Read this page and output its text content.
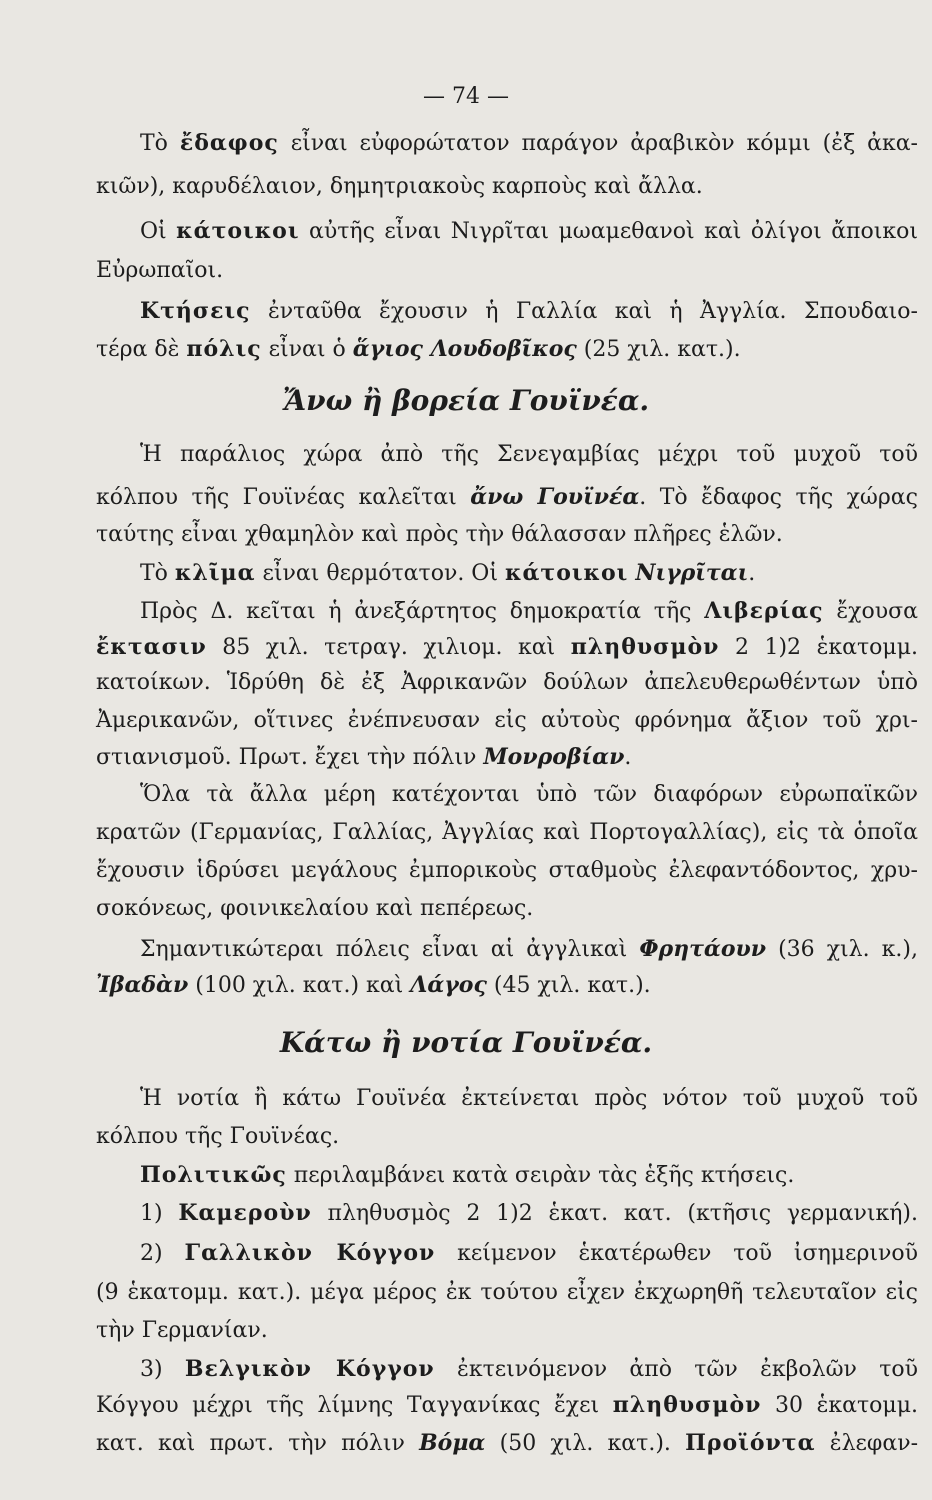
— 74 —
Τὸ ἔδαφος εἶναι εὐφορώτατον παράγον ἀραβικὸν κόμμι (ἐξ ἀκα-
κιῶν), καρυδέλαιον, δημητριακοὺς καρποὺς καὶ ἄλλα.
Οἱ κάτοικοι αὐτῆς εἶναι Νιγρῖται μωαμεθανοὶ καὶ ὀλίγοι ἄποικοι
Εὐρωπαῖοι.
Κτήσεις ἐνταῦθα ἔχουσιν ἡ Γαλλία καὶ ἡ Ἀγγλία. Σπουδαιο-
τέρα δὲ πόλις εἶναι ὁ ἅγιος Λουδοβῖκος (25 χιλ. κατ.).
Ἄνω ἢ βορεία Γουϊνέα.
Ἡ παράλιος χώρα ἀπὸ τῆς Σενεγαμβίας μέχρι τοῦ μυχοῦ τοῦ
κόλπου τῆς Γουϊνέας καλεῖται ἄνω Γουϊνέα. Τὸ ἔδαφος τῆς χώρας
ταύτης εἶναι χθαμηλὸν καὶ πρὸς τὴν θάλασσαν πλῆρες ἑλῶν.
Τὸ κλῖμα εἶναι θερμότατον. Οἱ κάτοικοι Νιγρῖται.
Πρὸς Δ. κεῖται ἡ ἀνεξάρτητος δημοκρατία τῆς Λιβερίας ἔχουσα
ἔκτασιν 85 χιλ. τετραγ. χιλιομ. καὶ πληθυσμὸν 2 1)2 ἑκατομμ.
κατοίκων. Ἱδρύθη δὲ ἐξ Ἀφρικανῶν δούλων ἀπελευθερωθέντων ὑπὸ
Ἀμερικανῶν, οἵτινες ἐνέπνευσαν εἰς αὐτοὺς φρόνημα ἄξιον τοῦ χρι-
στιανισμοῦ. Πρωτ. ἔχει τὴν πόλιν Μονροβίαν.
Ὅλα τὰ ἄλλα μέρη κατέχονται ὑπὸ τῶν διαφόρων εὐρωπαϊκῶν
κρατῶν (Γερμανίας, Γαλλίας, Ἀγγλίας καὶ Πορτογαλλίας), εἰς τὰ ὁποῖα
ἔχουσιν ἱδρύσει μεγάλους ἐμπορικοὺς σταθμοὺς ἐλεφαντόδοντος, χρυ-
σοκόνεως, φοινικελαίου καὶ πεπέρεως.
Σημαντικώτεραι πόλεις εἶναι αἱ ἀγγλικαὶ Φρητάουν (36 χιλ. κ.),
Ἰβαδὰν (100 χιλ. κατ.) καὶ Λάγος (45 χιλ. κατ.).
Κάτω ἢ νοτία Γουϊνέα.
Ἡ νοτία ἢ κάτω Γουϊνέα ἐκτείνεται πρὸς νότον τοῦ μυχοῦ τοῦ
κόλπου τῆς Γουϊνέας.
Πολιτικῶς περιλαμβάνει κατὰ σειρὰν τὰς ἑξῆς κτήσεις.
1) Καμεροὺν πληθυσμὸς 2 1)2 ἑκατ. κατ. (κτῆσις γερμανική).
2) Γαλλικὸν Κόγγον κείμενον ἑκατέρωθεν τοῦ ἰσημερινοῦ
(9 ἑκατομμ. κατ.). μέγα μέρος ἐκ τούτου εἶχεν ἐκχωρηθῆ τελευταῖον εἰς
τὴν Γερμανίαν.
3) Βελγικὸν Κόγγον ἐκτεινόμενον ἀπὸ τῶν ἐκβολῶν τοῦ
Κόγγου μέχρι τῆς λίμνης Ταγγανίκας ἔχει πληθυσμὸν 30 ἑκατομμ.
κατ. καὶ πρωτ. τὴν πόλιν Βόμα (50 χιλ. κατ.). Προϊόντα ἐλεφαν-
